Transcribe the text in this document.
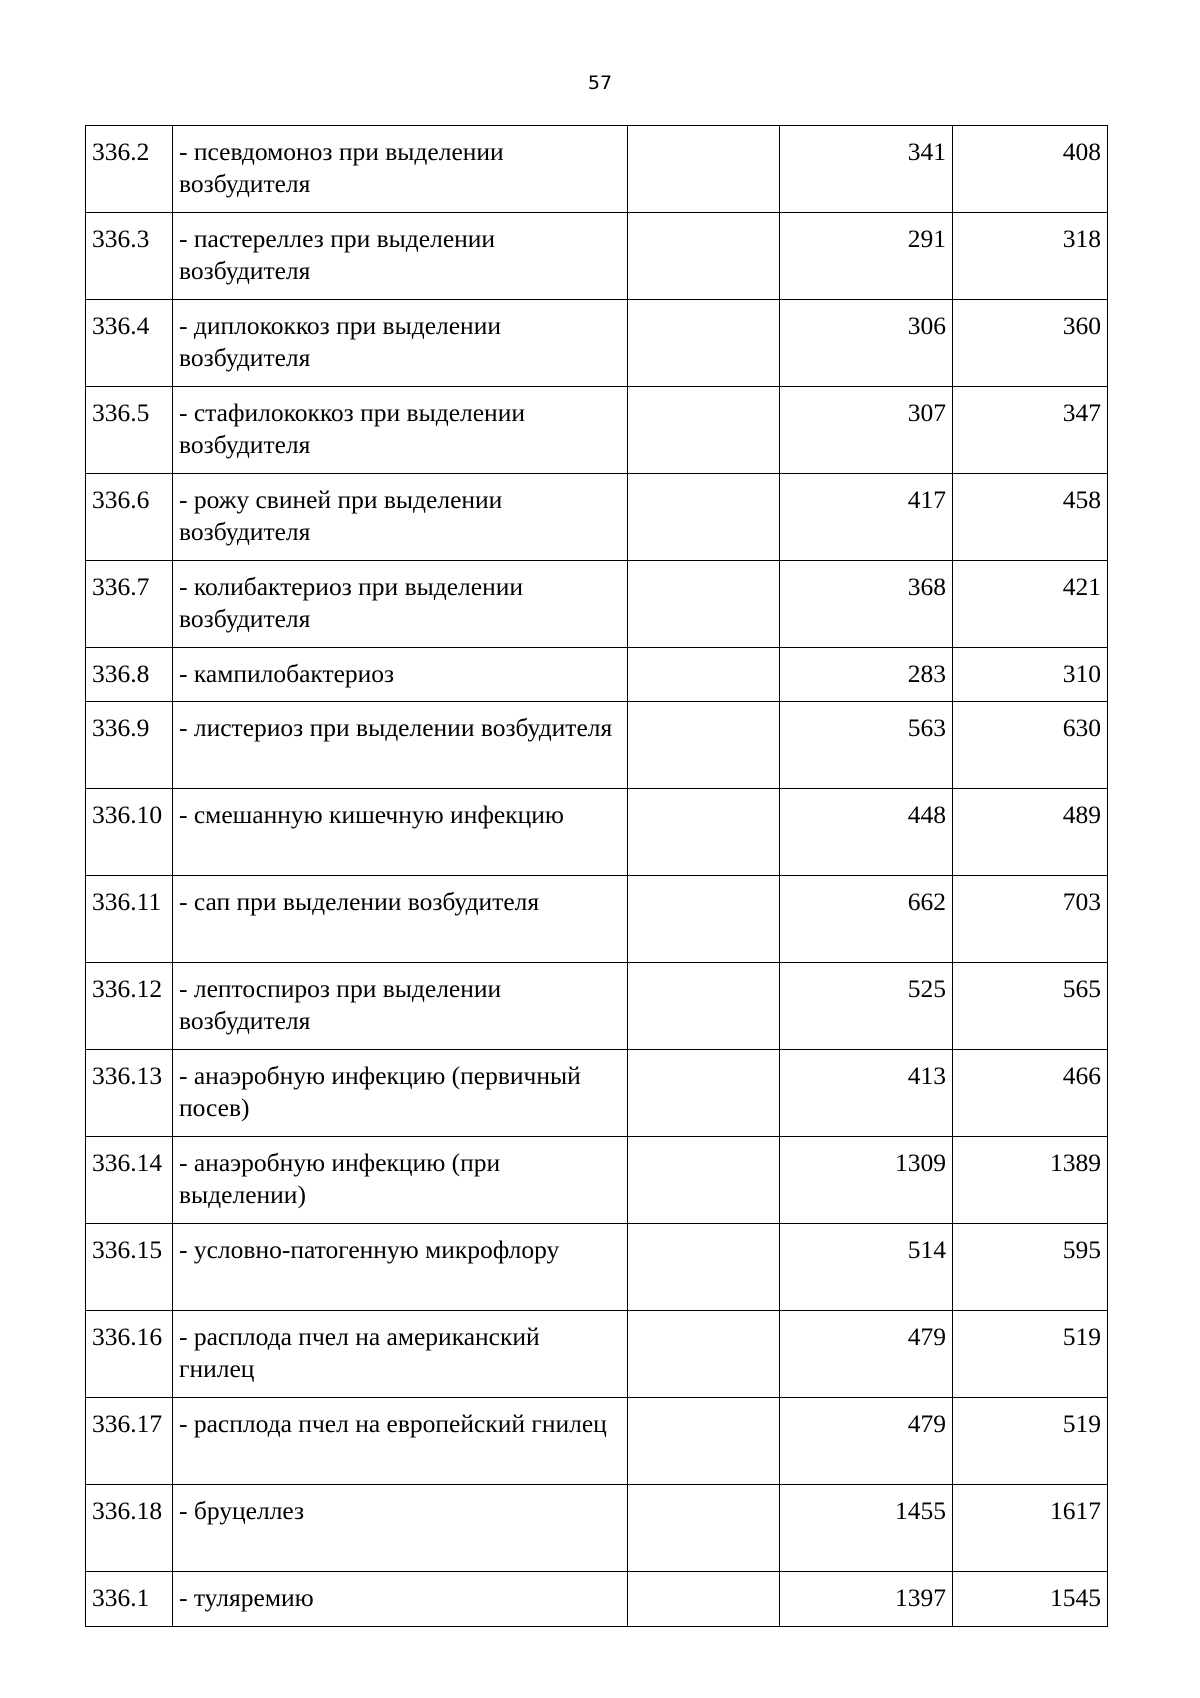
57
336.2	- псевдомоноз при выделении возбудителя		341	408
336.3	- пастереллез при выделении возбудителя		291	318
336.4	- диплококкоз при выделении возбудителя		306	360
336.5	- стафилококкоз при выделении возбудителя		307	347
336.6	- рожу свиней при выделении возбудителя		417	458
336.7	- колибактериоз при выделении возбудителя		368	421
336.8	- кампилобактериоз		283	310
336.9	- листериоз при выделении возбудителя		563	630
336.10	- смешанную кишечную инфекцию		448	489
336.11	- сап при выделении возбудителя		662	703
336.12	- лептоспироз при выделении возбудителя		525	565
336.13	- анаэробную инфекцию (первичный посев)		413	466
336.14	- анаэробную инфекцию (при выделении)		1309	1389
336.15	- условно-патогенную микрофлору		514	595
336.16	- расплода пчел на американский гнилец		479	519
336.17	- расплода пчел на европейский гнилец		479	519
336.18	- бруцеллез		1455	1617
336.1	- туляремию		1397	1545
